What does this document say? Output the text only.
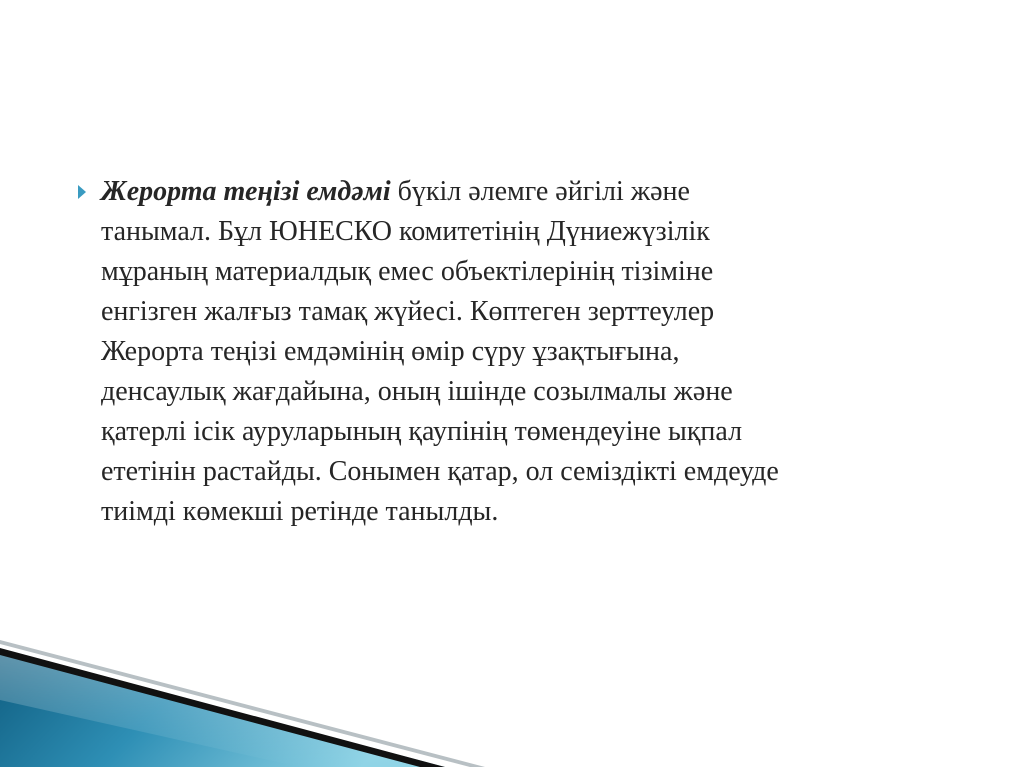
Жерорта теңізі емдәмі бүкіл әлемге әйгілі және
танымал. Бұл ЮНЕСКО комитетінің Дүниежүзілік
мұраның материалдық емес объектілерінің тізіміне
енгізген жалғыз тамақ жүйесі. Көптеген зерттеулер
Жерорта теңізі емдәмінің өмір сүру ұзақтығына,
денсаулық жағдайына, оның ішінде созылмалы және
қатерлі ісік ауруларының қаупінің төмендеуіне ықпал
ететінін растайды. Сонымен қатар, ол семіздікті емдеуде
тиімді көмекші ретінде танылды.
